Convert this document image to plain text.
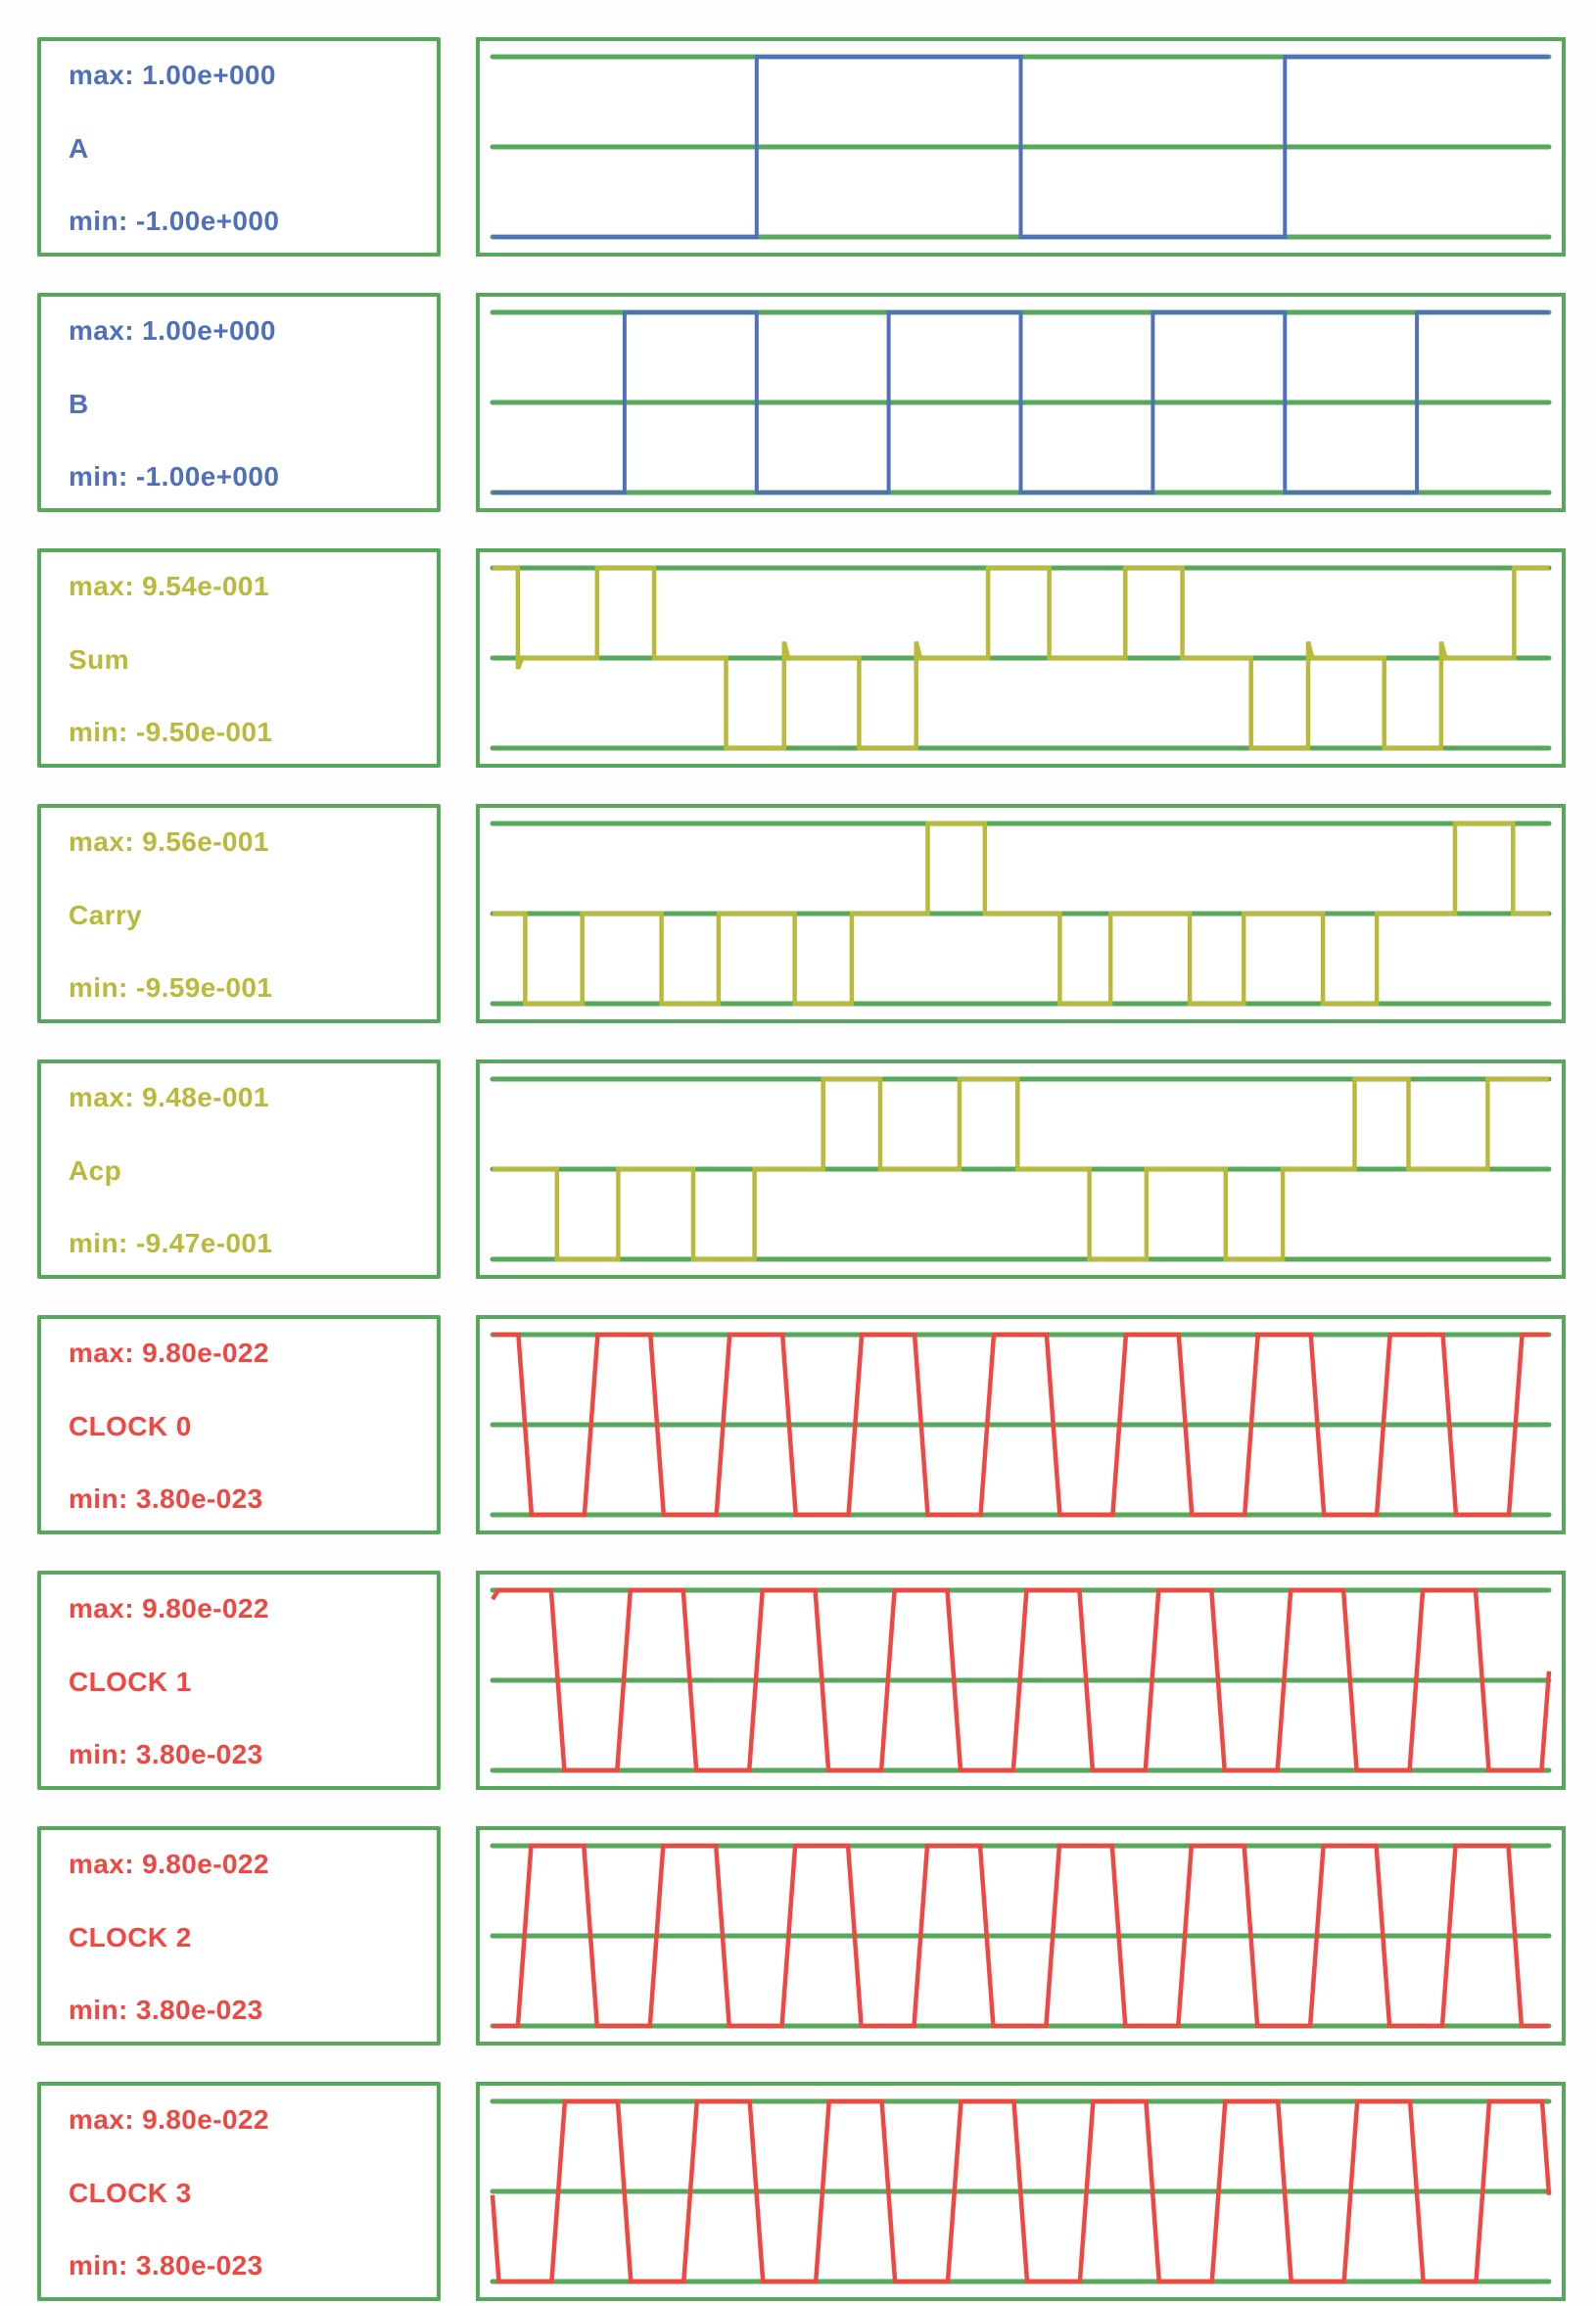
max: 1.00e+000
A
min: -1.00e+000
max: 1.00e+000
B
min: -1.00e+000
max: 9.54e-001
Sum
min: -9.50e-001
max: 9.56e-001
Carry
min: -9.59e-001
max: 9.48e-001
Acp
min: -9.47e-001
max: 9.80e-022
CLOCK 0
min: 3.80e-023
max: 9.80e-022
CLOCK 1
min: 3.80e-023
max: 9.80e-022
CLOCK 2
min: 3.80e-023
max: 9.80e-022
CLOCK 3
min: 3.80e-023
